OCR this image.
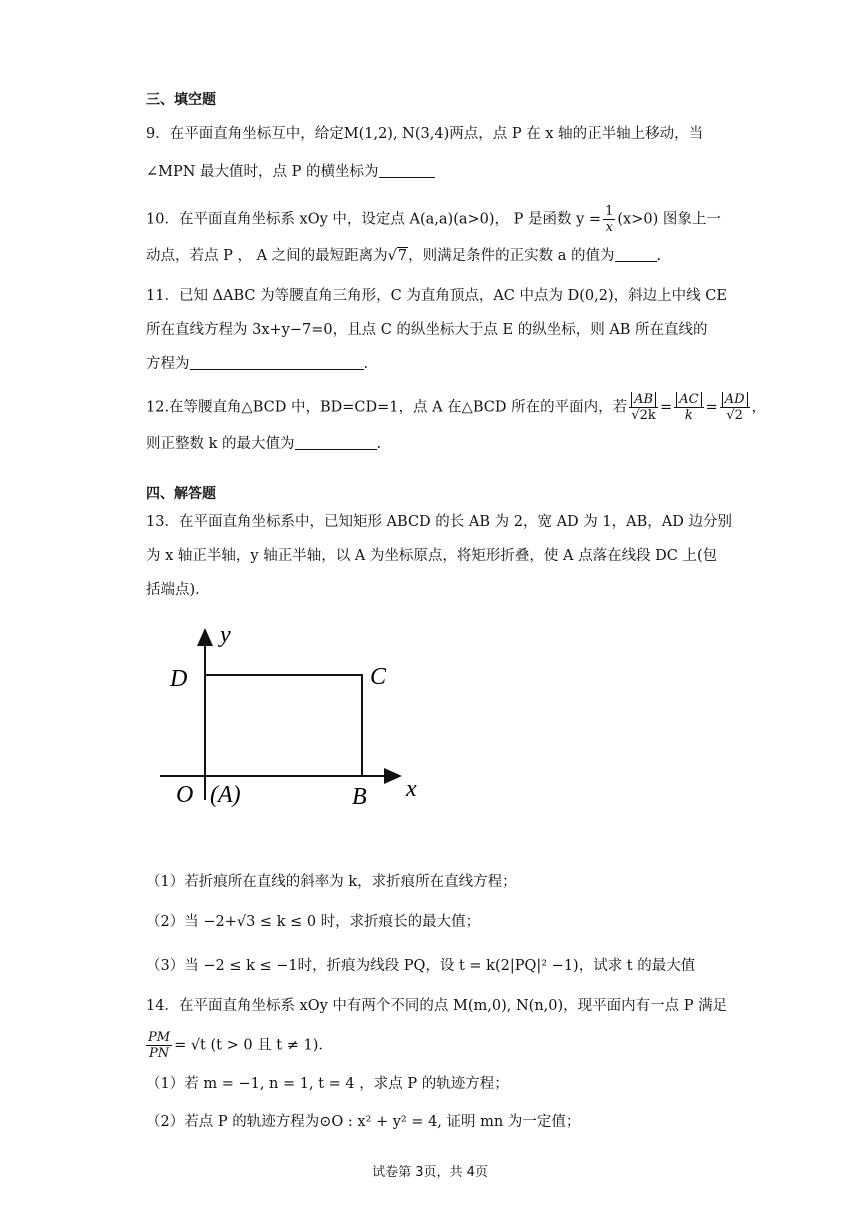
三、填空题
9．在平面直角坐标互中，给定M(1,2), N(3,4)两点，点 P 在 x 轴的正半轴上移动，当
∠MPN 最大值时，点 P 的横坐标为
10．在平面直角坐标系 xOy 中，设定点 A(a,a)(a>0)， P 是函数 $y = \frac{1}{x} (x>0)$ 图象上一
动点，若点 P ， A 之间的最短距离为√7，则满足条件的正实数 a 的值为	.
11．已知 ΔABC 为等腰直角三角形，C 为直角顶点，AC 中点为 D(0,2)，斜边上中线 CE
所在直线方程为 3x+y−7=0，且点 C 的纵坐标大于点 E 的纵坐标，则 AB 所在直线的
方程为	.
12.在等腰直角△BCD 中，BD=CD=1，点 A 在△BCD 所在的平面内，若 $\frac{AB}{√2k} = \frac{AC}{k} = \frac{AD}{√2}$ ，
则正整数 k 的最大值为	.
四、解答题
13．在平面直角坐标系中，已知矩形 ABCD 的长 AB 为 2，宽 AD 为 1，AB，AD 边分别
为 x 轴正半轴，y 轴正半轴，以 A 为坐标原点，将矩形折叠，使 A 点落在线段 DC 上(包
括端点)．
y
D	C
O (A)	B x
（1）若折痕所在直线的斜率为 k，求折痕所在直线方程；
（2）当 −2+√3 ≤ k ≤ 0 时，求折痕长的最大值；
（3）当 −2 ≤ k ≤ −1时，折痕为线段 PQ，设 t = k(2|PQ|² −1)，试求 t 的最大值
14．在平面直角坐标系 xOy 中有两个不同的点 M(m,0), N(n,0)，现平面内有一点 P 满足
$\frac{PM}{PN} = √t$ (t > 0 且 t ≠ 1)．
（1）若 m = −1, n = 1, t = 4 ，求点 P 的轨迹方程；
（2）若点 P 的轨迹方程为⊙O : x² + y² = 4, 证明 mn 为一定值；
试卷第 3页，共 4页
